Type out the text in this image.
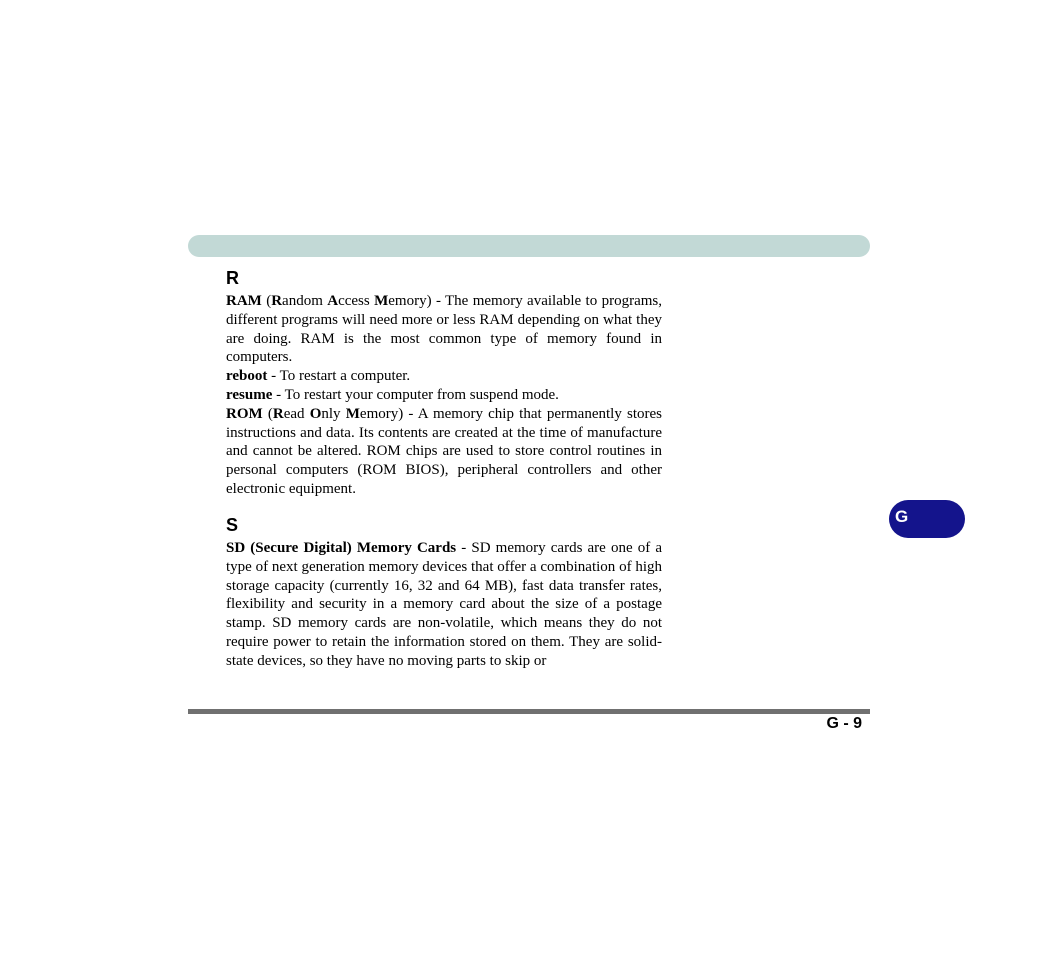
R

RAM (Random Access Memory) - The memory available to programs, different programs will need more or less RAM depending on what they are doing. RAM is the most common type of memory found in computers.

reboot - To restart a computer.

resume - To restart your computer from suspend mode.

ROM (Read Only Memory) - A memory chip that permanently stores instructions and data. Its contents are created at the time of manufacture and cannot be altered. ROM chips are used to store control routines in personal computers (ROM BIOS), peripheral controllers and other electronic equipment.

S

SD (Secure Digital) Memory Cards - SD memory cards are one of a type of next generation memory devices that offer a combination of high storage capacity (currently 16, 32 and 64 MB), fast data transfer rates, flexibility and security in a memory card about the size of a postage stamp. SD memory cards are non-volatile, which means they do not require power to retain the information stored on them. They are solid-state devices, so they have no moving parts to skip or

G
G - 9
